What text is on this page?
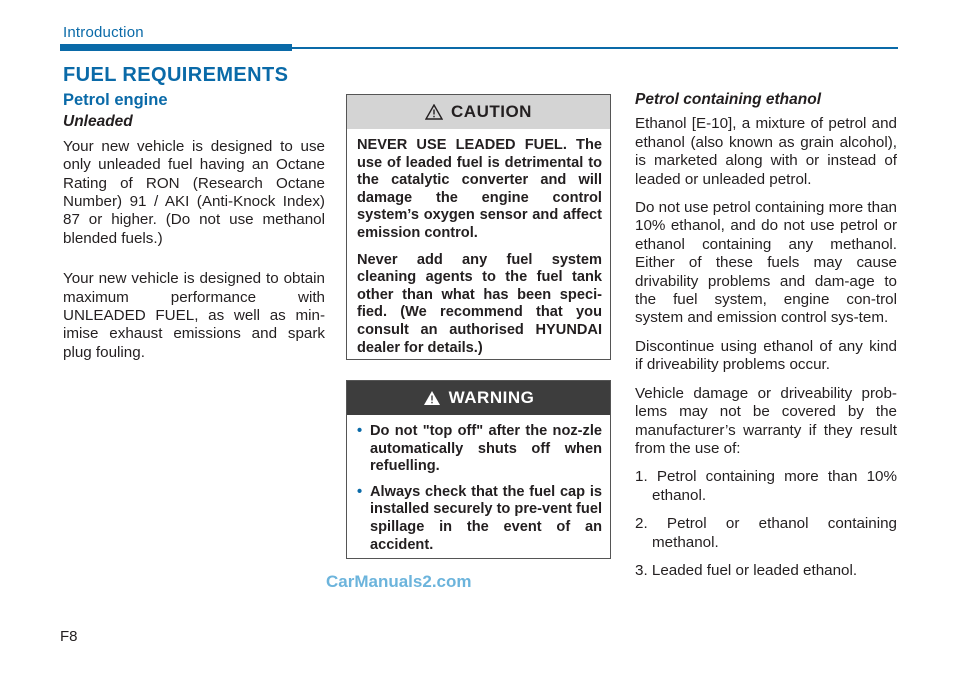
Introduction
FUEL REQUIREMENTS
Petrol engine
Unleaded

Your new vehicle is designed to use only unleaded fuel having an Octane Rating of RON (Research Octane Number) 91 / AKI (Anti-Knock Index) 87 or higher. (Do not use methanol blended fuels.)

Your new vehicle is designed to obtain maximum performance with UNLEADED FUEL, as well as min-imise exhaust emissions and spark plug fouling.

CAUTION

NEVER USE LEADED FUEL. The use of leaded fuel is detrimental to the catalytic converter and will damage the engine control system’s oxygen sensor and affect emission control.

Never add any fuel system cleaning agents to the fuel tank other than what has been speci-fied. (We recommend that you consult an authorised HYUNDAI dealer for details.)

WARNING
• Do not "top off" after the noz-zle automatically shuts off when refuelling.
• Always check that the fuel cap is installed securely to pre-vent fuel spillage in the event of an accident.
Petrol containing ethanol

Ethanol [E-10], a mixture of petrol and ethanol (also known as grain alcohol), is marketed along with or instead of leaded or unleaded petrol.

Do not use petrol containing more than 10% ethanol, and do not use petrol or ethanol containing any methanol. Either of these fuels may cause drivability problems and dam-age to the fuel system, engine con-trol system and emission control sys-tem.

Discontinue using ethanol of any kind if driveability problems occur.

Vehicle damage or driveability prob-lems may not be covered by the manufacturer’s warranty if they result from the use of:

1. Petrol containing more than 10% ethanol.

2. Petrol or ethanol containing methanol.

3. Leaded fuel or leaded ethanol.

CarManuals2.com
F8
